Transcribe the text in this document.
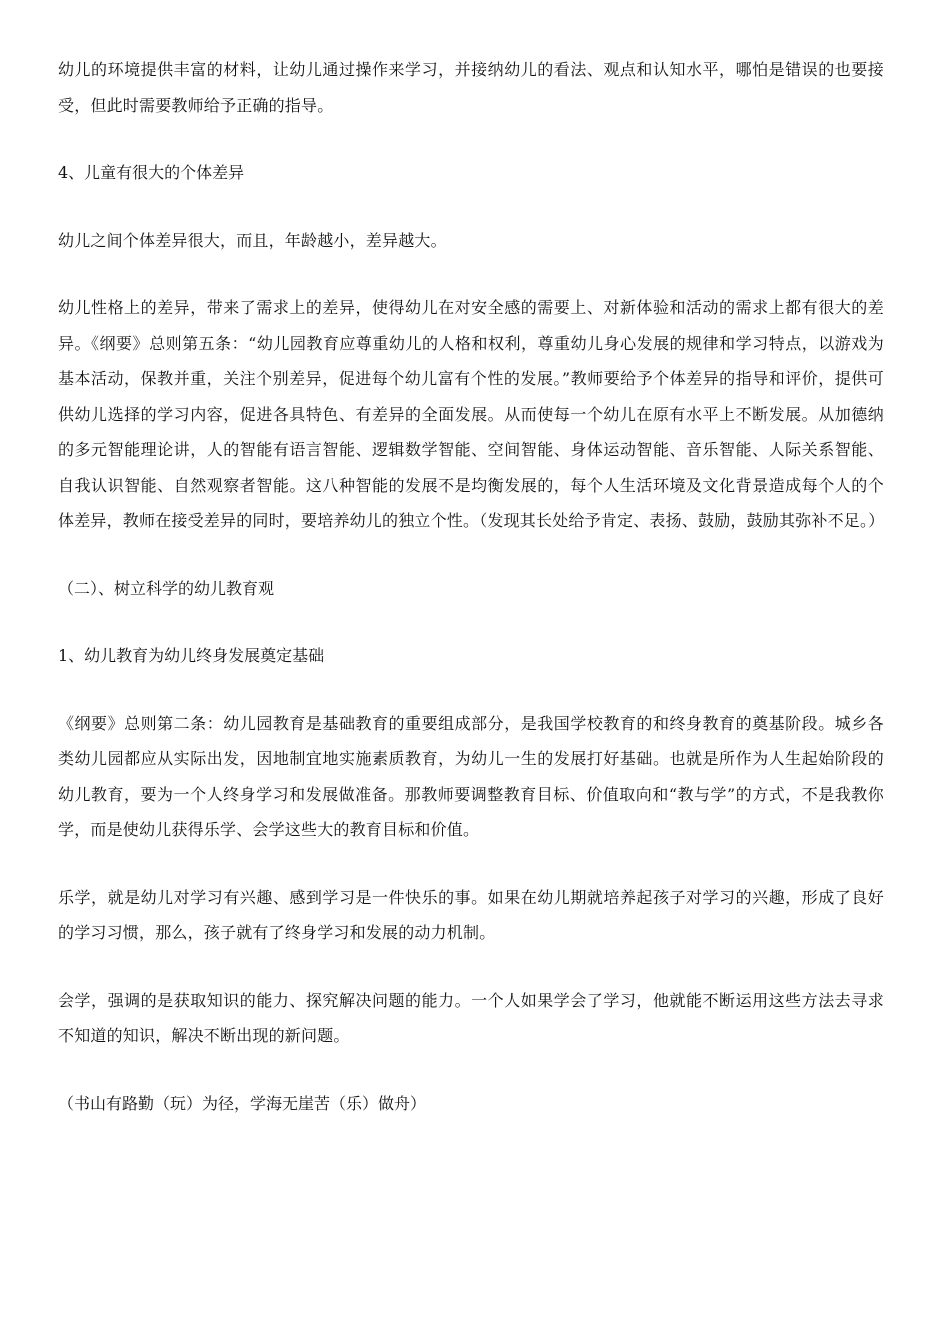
幼儿的环境提供丰富的材料，让幼儿通过操作来学习，并接纳幼儿的看法、观点和认知水平，哪怕是错误的也要接受，但此时需要教师给予正确的指导。

4、儿童有很大的个体差异

幼儿之间个体差异很大，而且，年龄越小，差异越大。

幼儿性格上的差异，带来了需求上的差异，使得幼儿在对安全感的需要上、对新体验和活动的需求上都有很大的差异。《纲要》总则第五条：“幼儿园教育应尊重幼儿的人格和权利，尊重幼儿身心发展的规律和学习特点，以游戏为基本活动，保教并重，关注个别差异，促进每个幼儿富有个性的发展。”教师要给予个体差异的指导和评价，提供可供幼儿选择的学习内容，促进各具特色、有差异的全面发展。从而使每一个幼儿在原有水平上不断发展。从加德纳的多元智能理论讲，人的智能有语言智能、逻辑数学智能、空间智能、身体运动智能、音乐智能、人际关系智能、自我认识智能、自然观察者智能。这八种智能的发展不是均衡发展的，每个人生活环境及文化背景造成每个人的个体差异，教师在接受差异的同时，要培养幼儿的独立个性。（发现其长处给予肯定、表扬、鼓励，鼓励其弥补不足。）

（二）、树立科学的幼儿教育观

1、幼儿教育为幼儿终身发展奠定基础

《纲要》总则第二条：幼儿园教育是基础教育的重要组成部分，是我国学校教育的和终身教育的奠基阶段。城乡各类幼儿园都应从实际出发，因地制宜地实施素质教育，为幼儿一生的发展打好基础。也就是所作为人生起始阶段的幼儿教育，要为一个人终身学习和发展做准备。那教师要调整教育目标、价值取向和“教与学”的方式，不是我教你学，而是使幼儿获得乐学、会学这些大的教育目标和价值。

乐学，就是幼儿对学习有兴趣、感到学习是一件快乐的事。如果在幼儿期就培养起孩子对学习的兴趣，形成了良好的学习习惯，那么，孩子就有了终身学习和发展的动力机制。

会学，强调的是获取知识的能力、探究解决问题的能力。一个人如果学会了学习，他就能不断运用这些方法去寻求不知道的知识，解决不断出现的新问题。

（书山有路勤（玩）为径，学海无崖苦（乐）做舟）
